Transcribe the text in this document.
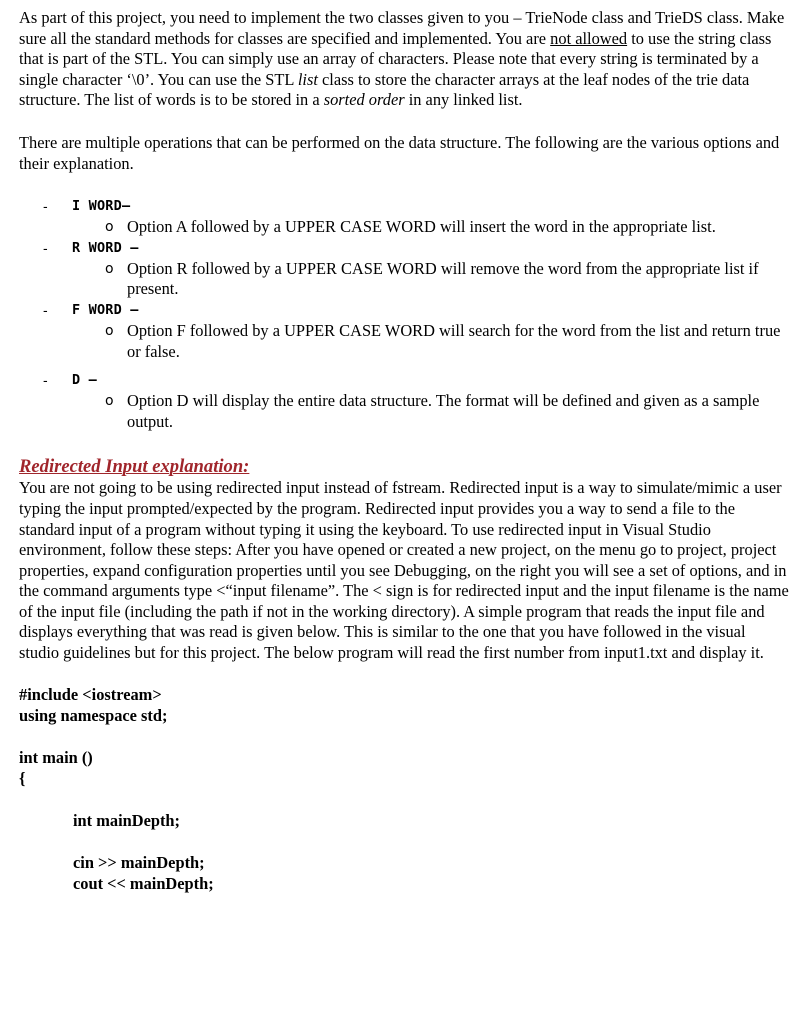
As part of this project, you need to implement the two classes given to you – TrieNode class and TrieDS class. Make sure all the standard methods for classes are specified and implemented. You are not allowed to use the string class that is part of the STL. You can simply use an array of characters. Please note that every string is terminated by a single character ‘\0’. You can use the STL list class to store the character arrays at the leaf nodes of the trie data structure. The list of words is to be stored in a sorted order in any linked list.

There are multiple operations that can be performed on the data structure. The following are the various options and their explanation.

- I WORD–
o Option A followed by a UPPER CASE WORD will insert the word in the appropriate list.

- R WORD –
o Option R followed by a UPPER CASE WORD will remove the word from the appropriate list if present.

- F WORD –
o Option F followed by a UPPER CASE WORD will search for the word from the list and return true or false.

- D –
o Option D will display the entire data structure. The format will be defined and given as a sample output.

Redirected Input explanation:

You are not going to be using redirected input instead of fstream. Redirected input is a way to simulate/mimic a user typing the input prompted/expected by the program. Redirected input provides you a way to send a file to the standard input of a program without typing it using the keyboard. To use redirected input in Visual Studio environment, follow these steps: After you have opened or created a new project, on the menu go to project, project properties, expand configuration properties until you see Debugging, on the right you will see a set of options, and in the command arguments type <“input filename”. The < sign is for redirected input and the input filename is the name of the input file (including the path if not in the working directory). A simple program that reads the input file and displays everything that was read is given below. This is similar to the one that you have followed in the visual studio guidelines but for this project. The below program will read the first number from input1.txt and display it.

#include <iostream>

using namespace std;

int main ()

{

int mainDepth;

cin >> mainDepth;

cout << mainDepth;
